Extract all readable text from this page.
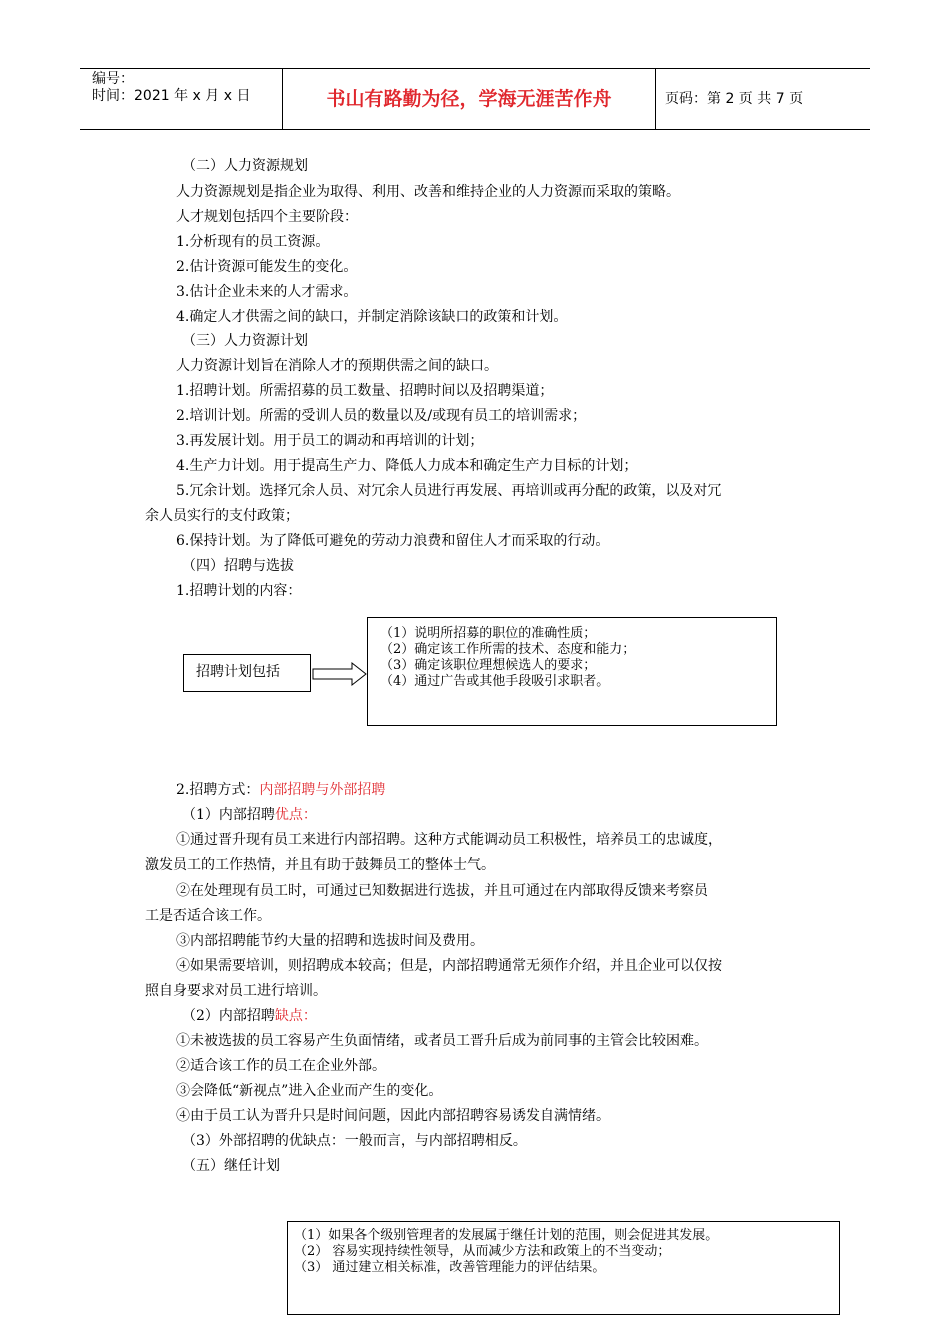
编号：
时间：2021 年 x 月 x 日	书山有路勤为径，学海无涯苦作舟	页码：第 2 页 共 7 页
（二）人力资源规划
人力资源规划是指企业为取得、利用、改善和维持企业的人力资源而采取的策略。
人才规划包括四个主要阶段：
1.分析现有的员工资源。
2.估计资源可能发生的变化。
3.估计企业未来的人才需求。
4.确定人才供需之间的缺口，并制定消除该缺口的政策和计划。
（三）人力资源计划
人力资源计划旨在消除人才的预期供需之间的缺口。
1.招聘计划。所需招募的员工数量、招聘时间以及招聘渠道；
2.培训计划。所需的受训人员的数量以及/或现有员工的培训需求；
3.再发展计划。用于员工的调动和再培训的计划；
4.生产力计划。用于提高生产力、降低人力成本和确定生产力目标的计划；
5.冗余计划。选择冗余人员、对冗余人员进行再发展、再培训或再分配的政策，以及对冗
余人员实行的支付政策；
6.保持计划。为了降低可避免的劳动力浪费和留住人才而采取的行动。
（四）招聘与选拔
1.招聘计划的内容：
招聘计划包括
（1）说明所招募的职位的准确性质；
（2）确定该工作所需的技术、态度和能力；
（3）确定该职位理想候选人的要求；
（4）通过广告或其他手段吸引求职者。
2.招聘方式：内部招聘与外部招聘
（1）内部招聘优点：
①通过晋升现有员工来进行内部招聘。这种方式能调动员工积极性，培养员工的忠诚度，
激发员工的工作热情，并且有助于鼓舞员工的整体士气。
②在处理现有员工时，可通过已知数据进行选拔，并且可通过在内部取得反馈来考察员
工是否适合该工作。
③内部招聘能节约大量的招聘和选拔时间及费用。
④如果需要培训，则招聘成本较高；但是，内部招聘通常无须作介绍，并且企业可以仅按
照自身要求对员工进行培训。
（2）内部招聘缺点：
①未被选拔的员工容易产生负面情绪，或者员工晋升后成为前同事的主管会比较困难。
②适合该工作的员工在企业外部。
③会降低“新视点”进入企业而产生的变化。
④由于员工认为晋升只是时间问题，因此内部招聘容易诱发自满情绪。
（3）外部招聘的优缺点：一般而言，与内部招聘相反。
（五）继任计划
（1）如果各个级别管理者的发展属于继任计划的范围，则会促进其发展。
（2） 容易实现持续性领导，从而减少方法和政策上的不当变动；
（3） 通过建立相关标准，改善管理能力的评估结果。
